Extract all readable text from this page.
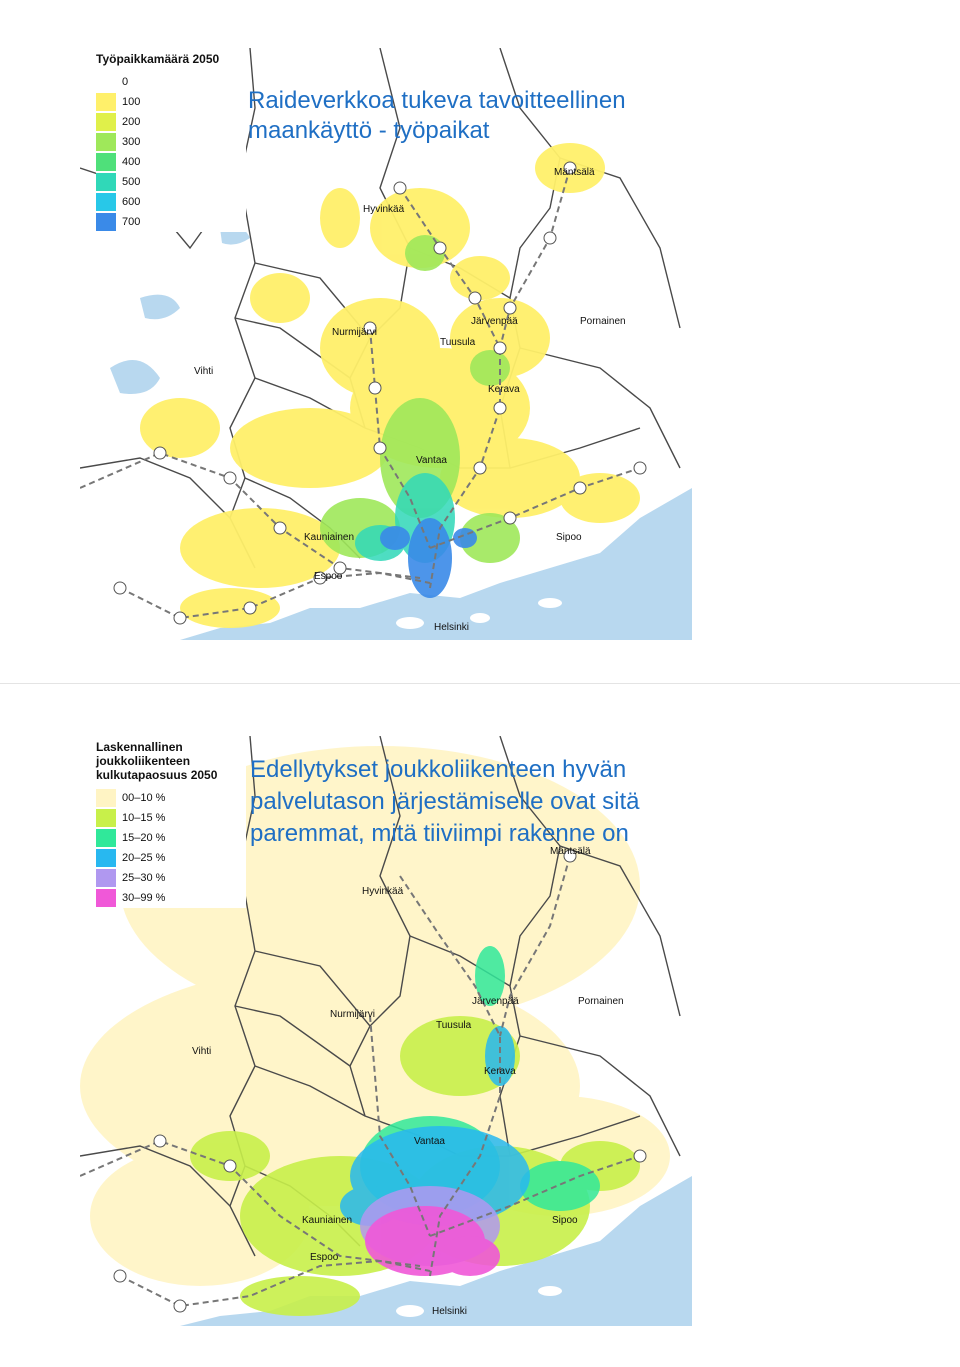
Mäntsälä
Hyvinkää
Järvenpää	Pornainen
Nurmijärvi
Tuusula
Vihti
Kerava
Vantaa
Kauniainen	Sipoo
Espoo
Helsinki
Työpaikkamäärä 2050
0
100
200
300
400
500
600
700
Raideverkkoa tukeva tavoitteellinen
maankäyttö - työpaikat
Mäntsälä
Hyvinkää
Järvenpää	Pornainen
Nurmijärvi
Tuusula
Vihti
Kerava
Vantaa
Kauniainen	Sipoo
Espoo
Helsinki
Laskennallinen
joukkoliikenteen
kulkutapaosuus 2050
00–10 %
10–15 %
15–20 %
20–25 %
25–30 %
30–99 %
Edellytykset joukkoliikenteen hyvän
palvelutason järjestämiselle ovat sitä
paremmat, mitä tiiviimpi rakenne on
